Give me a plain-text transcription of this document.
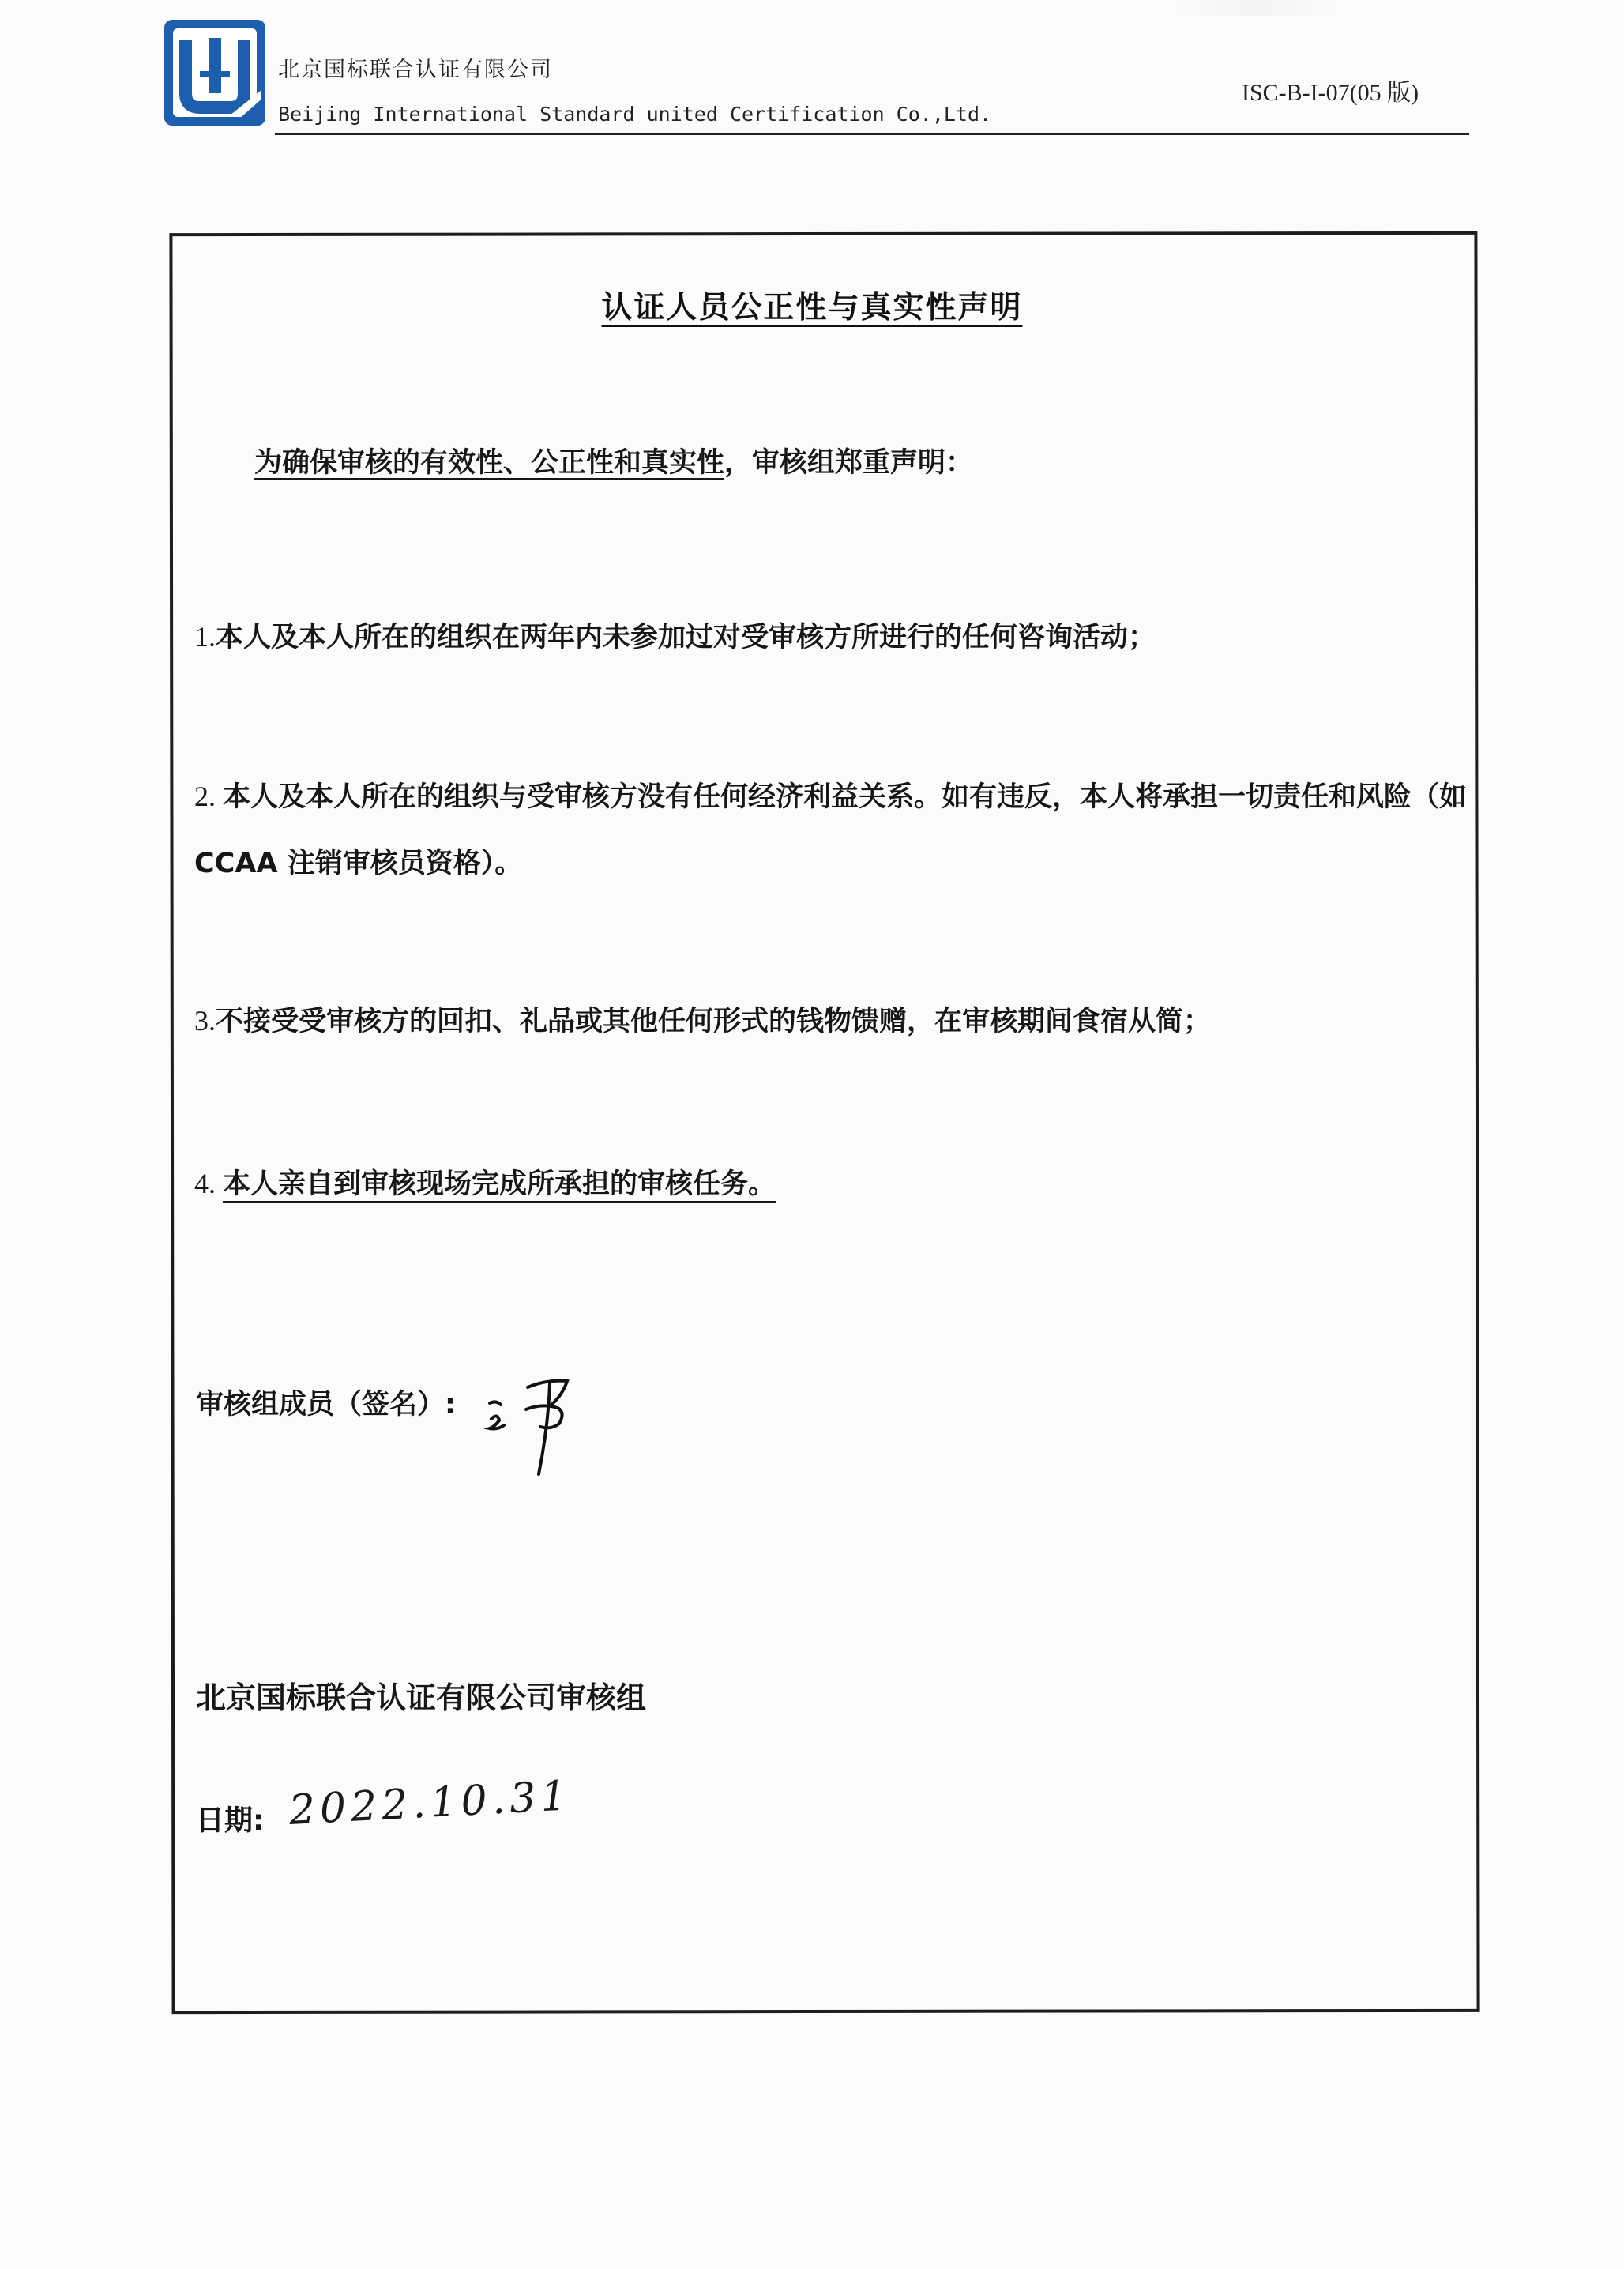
北京国标联合认证有限公司
Beijing International Standard united Certification Co.,Ltd.
ISC-B-I-07(05 版)
认证人员公正性与真实性声明
为确保审核的有效性、公正性和真实性，审核组郑重声明：
1.本人及本人所在的组织在两年内未参加过对受审核方所进行的任何咨询活动；
2. 本人及本人所在的组织与受审核方没有任何经济利益关系。如有违反，本人将承担一切责任和风险（如 CCAA 注销审核员资格）。
3.不接受受审核方的回扣、礼品或其他任何形式的钱物馈赠，在审核期间食宿从简；
4. 本人亲自到审核现场完成所承担的审核任务。
审核组成员（签名）:
北京国标联合认证有限公司审核组
日期: 2022.10.31
